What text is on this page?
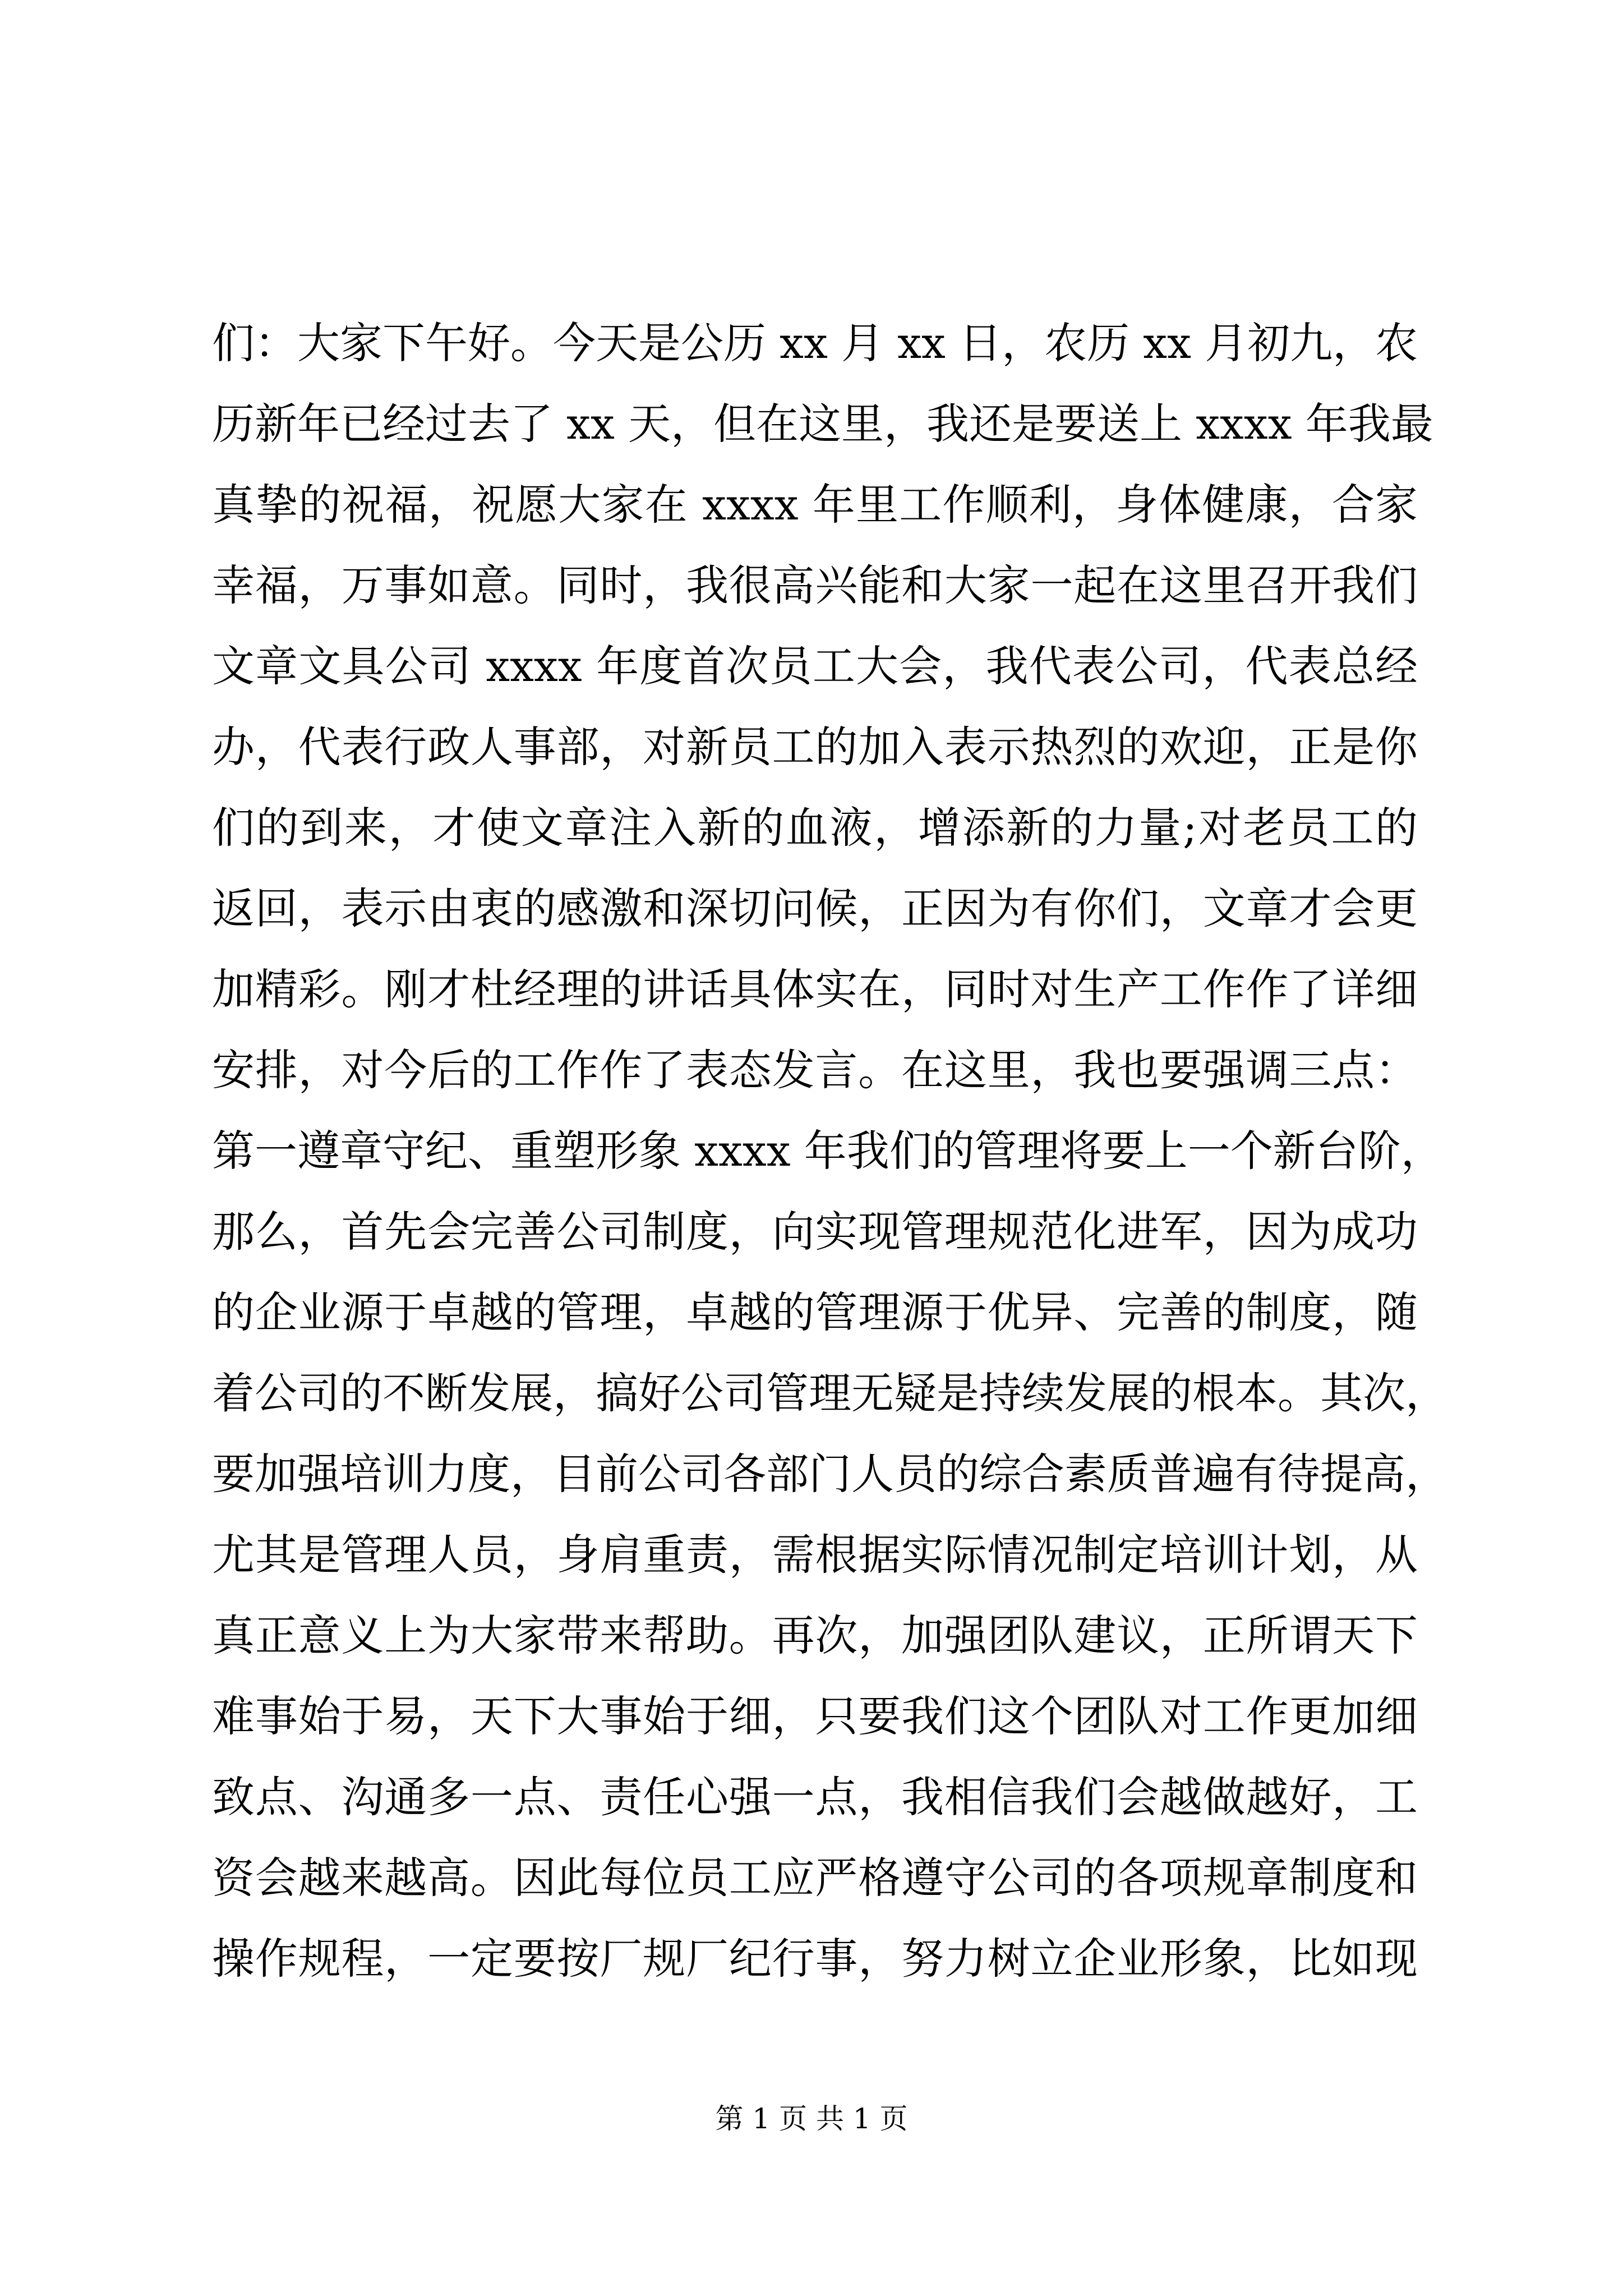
们：大家下午好。今天是公历 xx 月 xx 日，农历 xx 月初九，农
历新年已经过去了 xx 天，但在这里，我还是要送上 xxxx 年我最
真挚的祝福，祝愿大家在 xxxx 年里工作顺利，身体健康，合家
幸福，万事如意。同时，我很高兴能和大家一起在这里召开我们
文章文具公司 xxxx 年度首次员工大会，我代表公司，代表总经
办，代表行政人事部，对新员工的加入表示热烈的欢迎，正是你
们的到来，才使文章注入新的血液，增添新的力量;对老员工的
返回，表示由衷的感激和深切问候，正因为有你们，文章才会更
加精彩。刚才杜经理的讲话具体实在，同时对生产工作作了详细
安排，对今后的工作作了表态发言。在这里，我也要强调三点：
第一遵章守纪、重塑形象 xxxx 年我们的管理将要上一个新台阶，
那么，首先会完善公司制度，向实现管理规范化进军，因为成功
的企业源于卓越的管理，卓越的管理源于优异、完善的制度，随
着公司的不断发展，搞好公司管理无疑是持续发展的根本。其次，
要加强培训力度，目前公司各部门人员的综合素质普遍有待提高，
尤其是管理人员，身肩重责，需根据实际情况制定培训计划，从
真正意义上为大家带来帮助。再次，加强团队建议，正所谓天下
难事始于易，天下大事始于细，只要我们这个团队对工作更加细
致点、沟通多一点、责任心强一点，我相信我们会越做越好，工
资会越来越高。因此每位员工应严格遵守公司的各项规章制度和
操作规程，一定要按厂规厂纪行事，努力树立企业形象，比如现
第 1 页 共 1 页
